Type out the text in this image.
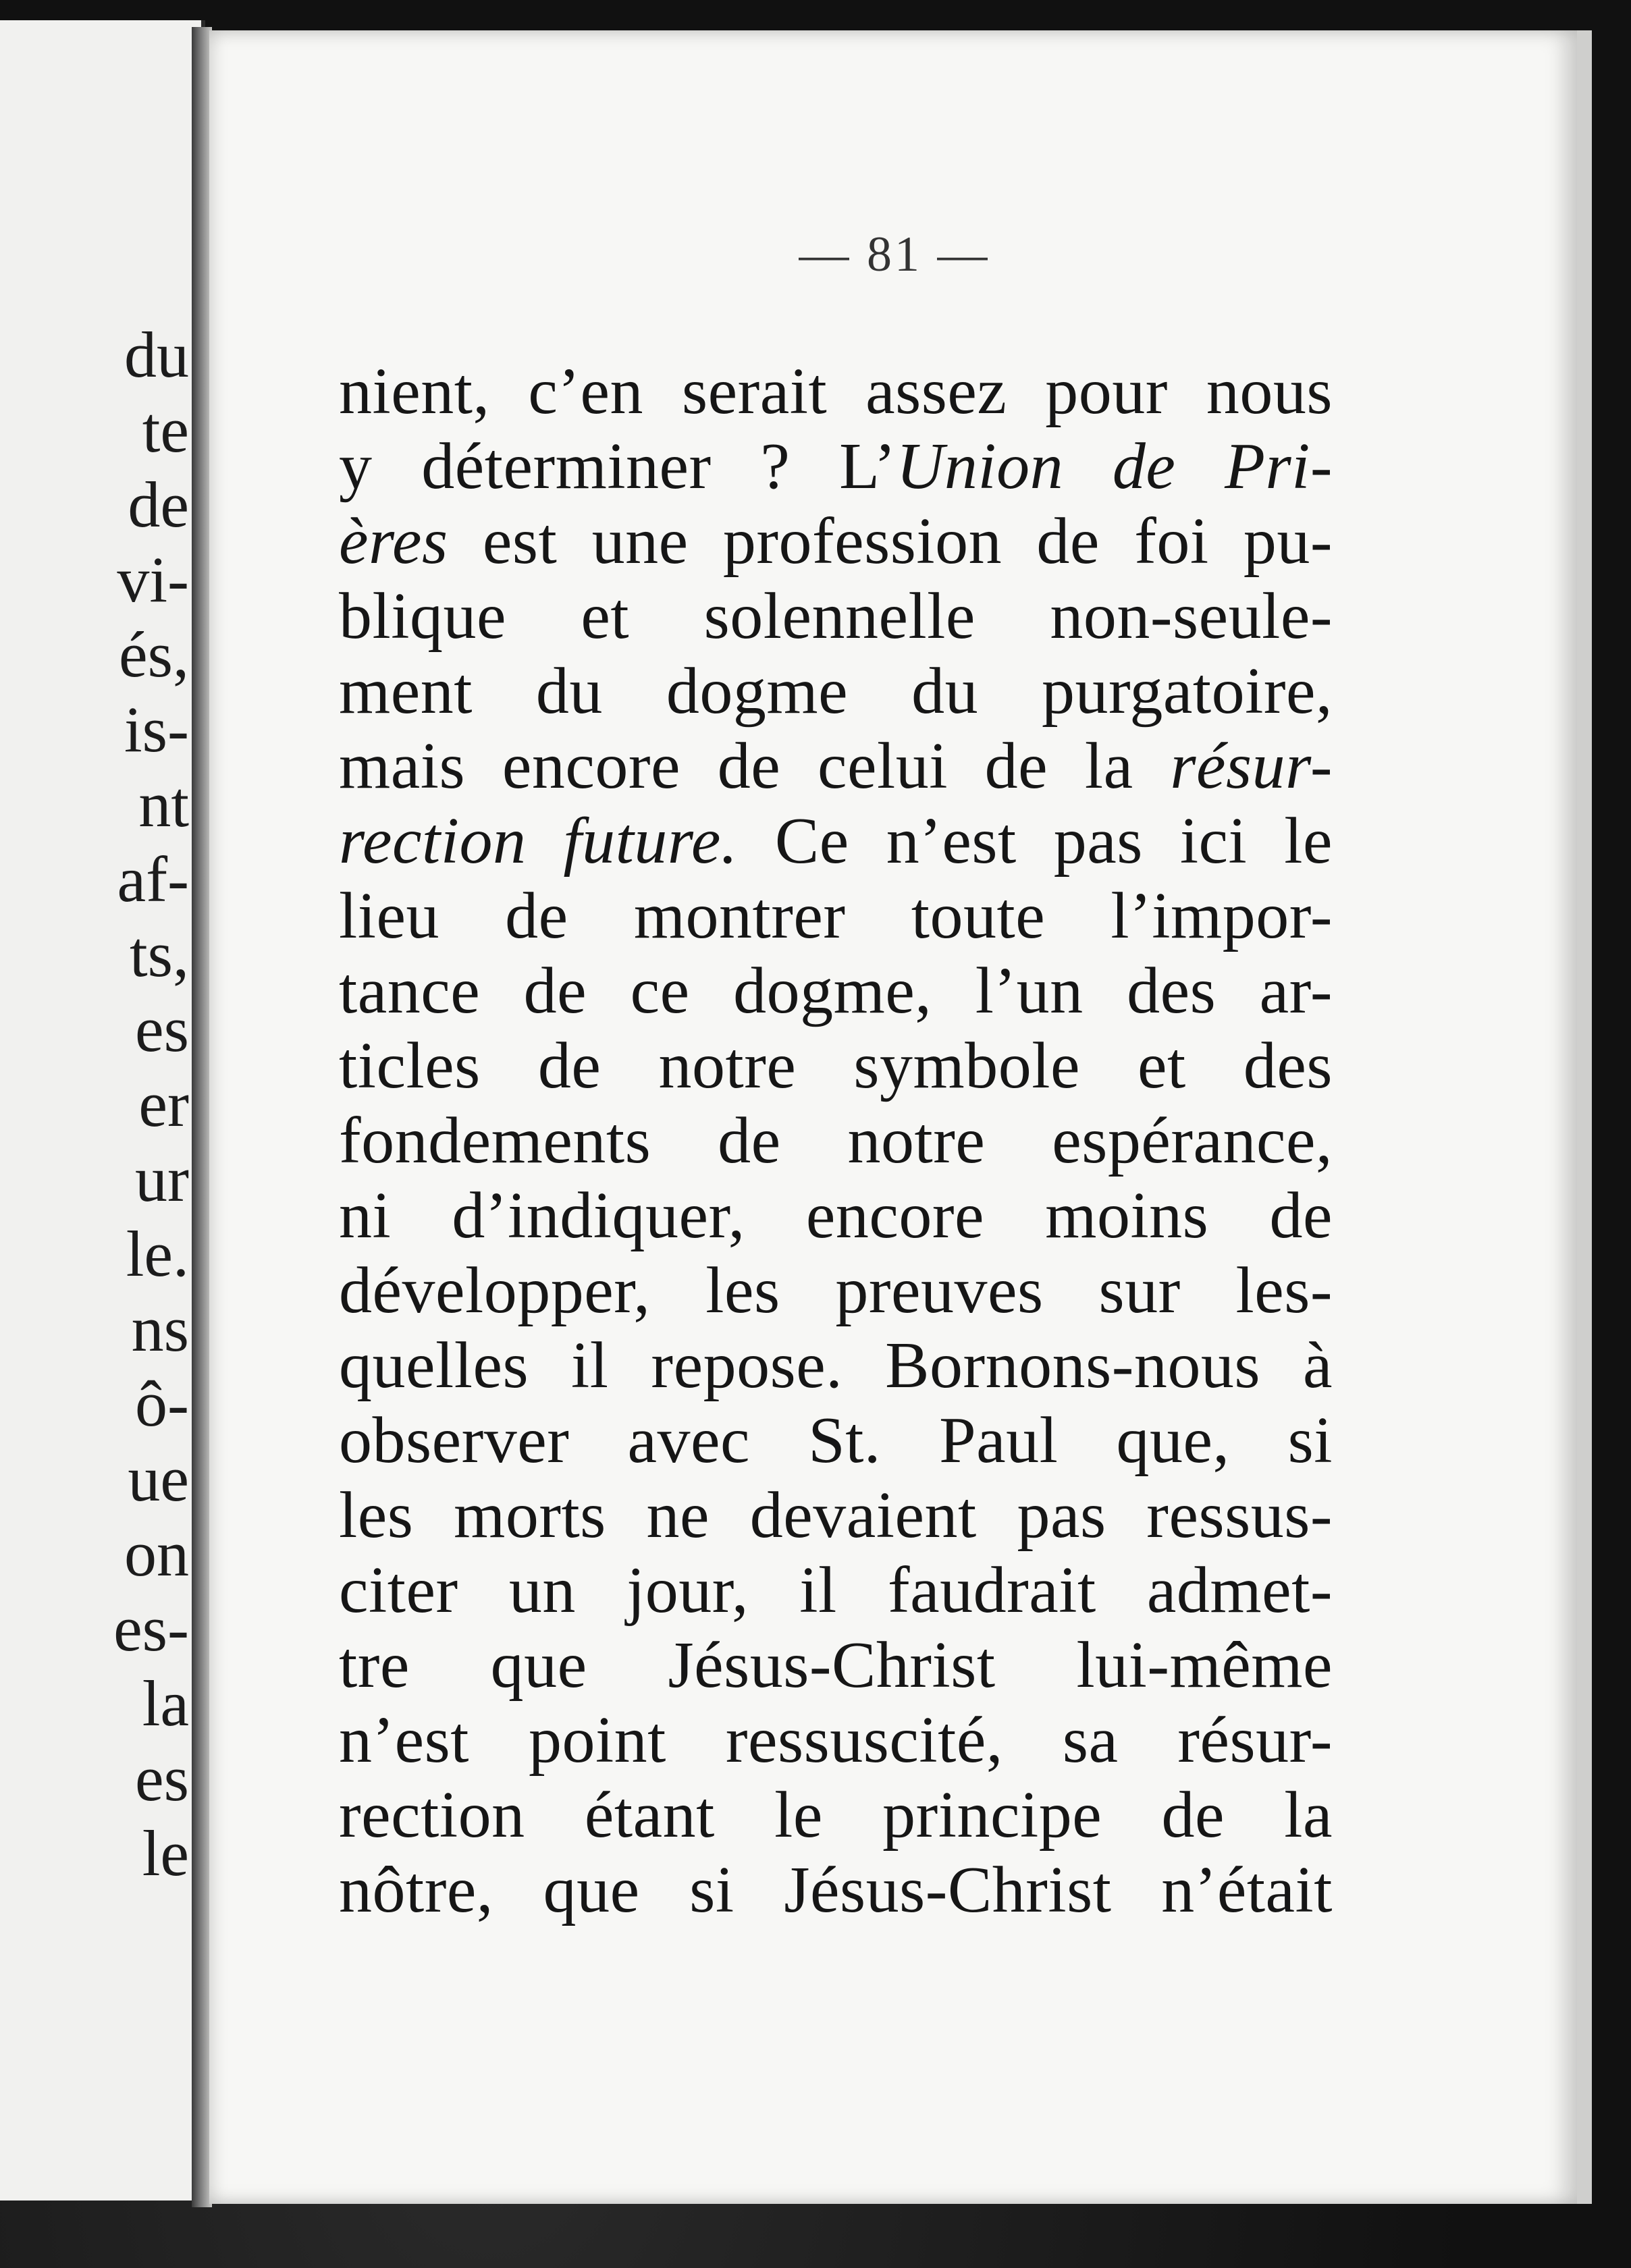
du
te
de
vi-
és,
is-
nt
af-
ts,
es
er
ur
le.
ns
ô-
ue
on
es-
la
es
le
— 81 —
nient, c’en serait assez pour nous
y déterminer ? L’Union de Pri-
ères est une profession de foi pu-
blique et solennelle non-seule-
ment du dogme du purgatoire,
mais encore de celui de la résur-
rection future. Ce n’est pas ici le
lieu de montrer toute l’impor-
tance de ce dogme, l’un des ar-
ticles de notre symbole et des
fondements de notre espérance,
ni d’indiquer, encore moins de
développer, les preuves sur les-
quelles il repose. Bornons-nous à
observer avec St. Paul que, si
les morts ne devaient pas ressus-
citer un jour, il faudrait admet-
tre que Jésus-Christ lui-même
n’est point ressuscité, sa résur-
rection étant le principe de la
nôtre, que si Jésus-Christ n’était
